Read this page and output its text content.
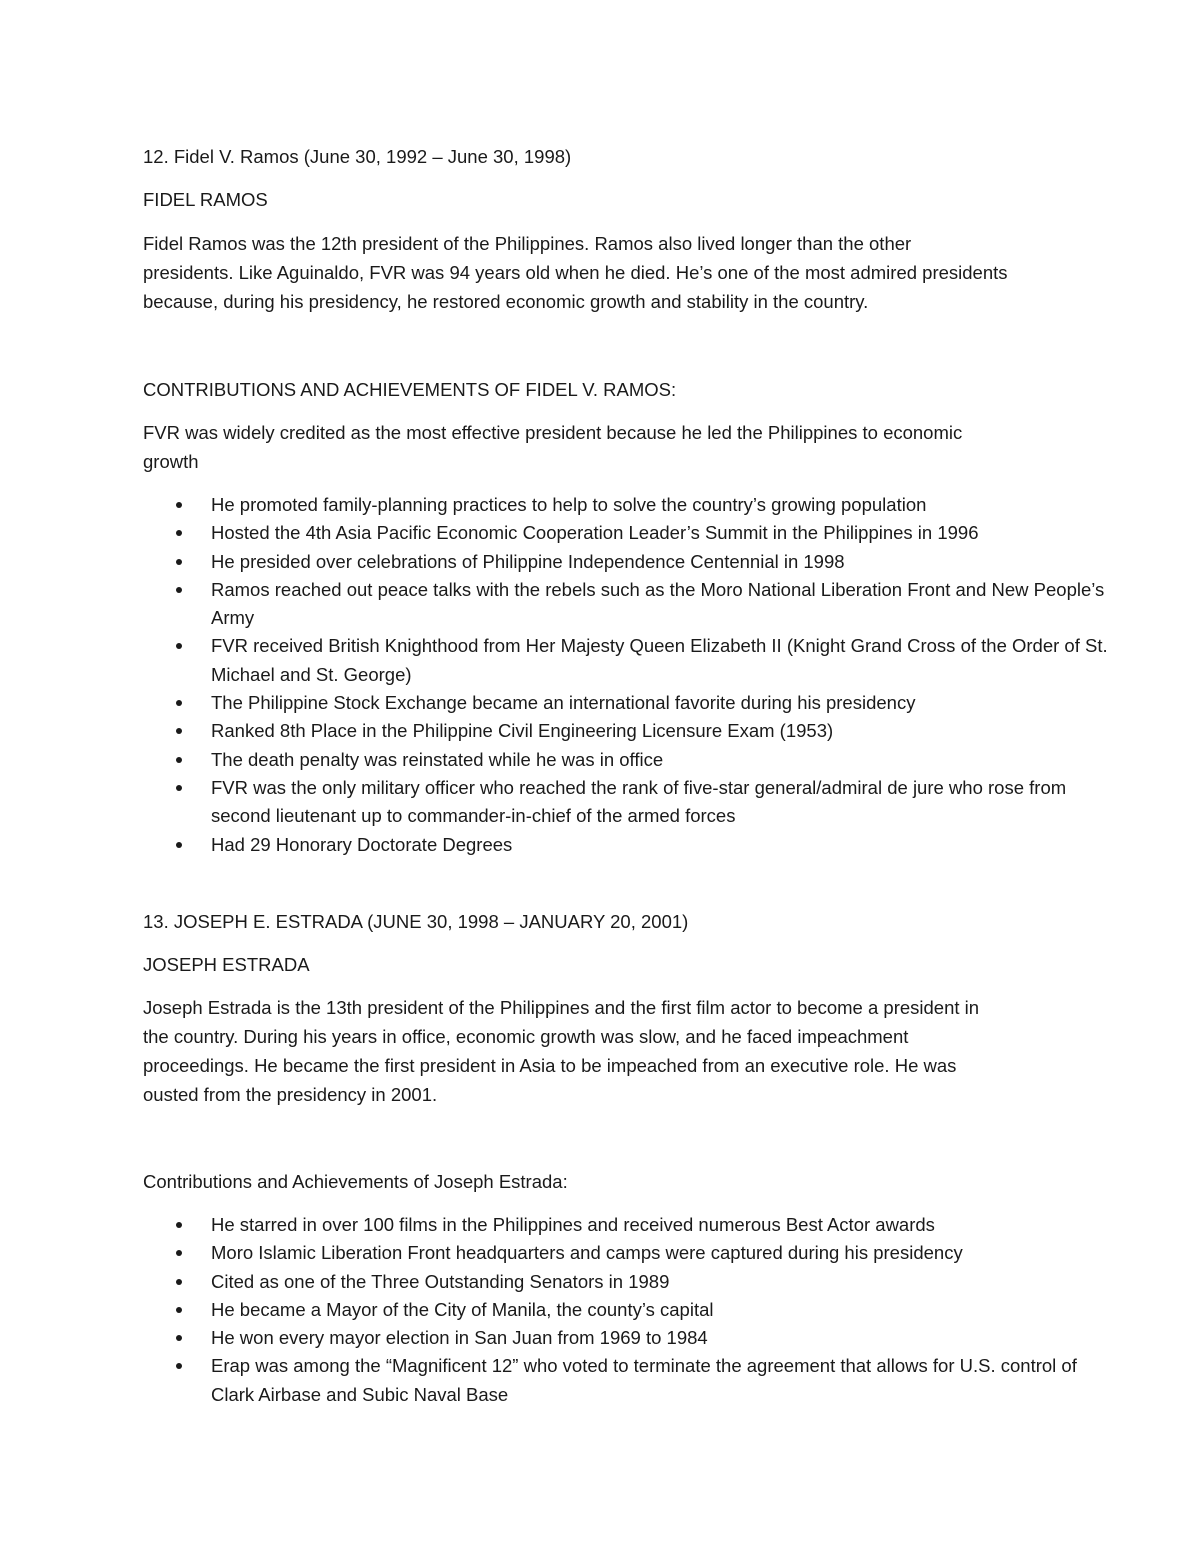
12. Fidel V. Ramos (June 30, 1992 – June 30, 1998)
FIDEL RAMOS
Fidel Ramos was the 12th president of the Philippines. Ramos also lived longer than the other
presidents. Like Aguinaldo, FVR was 94 years old when he died. He’s one of the most admired presidents
because, during his presidency, he restored economic growth and stability in the country.
CONTRIBUTIONS AND ACHIEVEMENTS OF FIDEL V. RAMOS:
FVR was widely credited as the most effective president because he led the Philippines to economic
growth
He promoted family-planning practices to help to solve the country’s growing population
Hosted the 4th Asia Pacific Economic Cooperation Leader’s Summit in the Philippines in 1996
He presided over celebrations of Philippine Independence Centennial in 1998
Ramos reached out peace talks with the rebels such as the Moro National Liberation Front and New People’s Army
FVR received British Knighthood from Her Majesty Queen Elizabeth II (Knight Grand Cross of the Order of St. Michael and St. George)
The Philippine Stock Exchange became an international favorite during his presidency
Ranked 8th Place in the Philippine Civil Engineering Licensure Exam (1953)
The death penalty was reinstated while he was in office
FVR was the only military officer who reached the rank of five-star general/admiral de jure who rose from second lieutenant up to commander-in-chief of the armed forces
Had 29 Honorary Doctorate Degrees
13. JOSEPH E. ESTRADA (JUNE 30, 1998 – JANUARY 20, 2001)
JOSEPH ESTRADA
Joseph Estrada is the 13th president of the Philippines and the first film actor to become a president in
the country. During his years in office, economic growth was slow, and he faced impeachment
proceedings. He became the first president in Asia to be impeached from an executive role. He was
ousted from the presidency in 2001.
Contributions and Achievements of Joseph Estrada:
He starred in over 100 films in the Philippines and received numerous Best Actor awards
Moro Islamic Liberation Front headquarters and camps were captured during his presidency
Cited as one of the Three Outstanding Senators in 1989
He became a Mayor of the City of Manila, the county’s capital
He won every mayor election in San Juan from 1969 to 1984
Erap was among the “Magnificent 12” who voted to terminate the agreement that allows for U.S. control of Clark Airbase and Subic Naval Base
